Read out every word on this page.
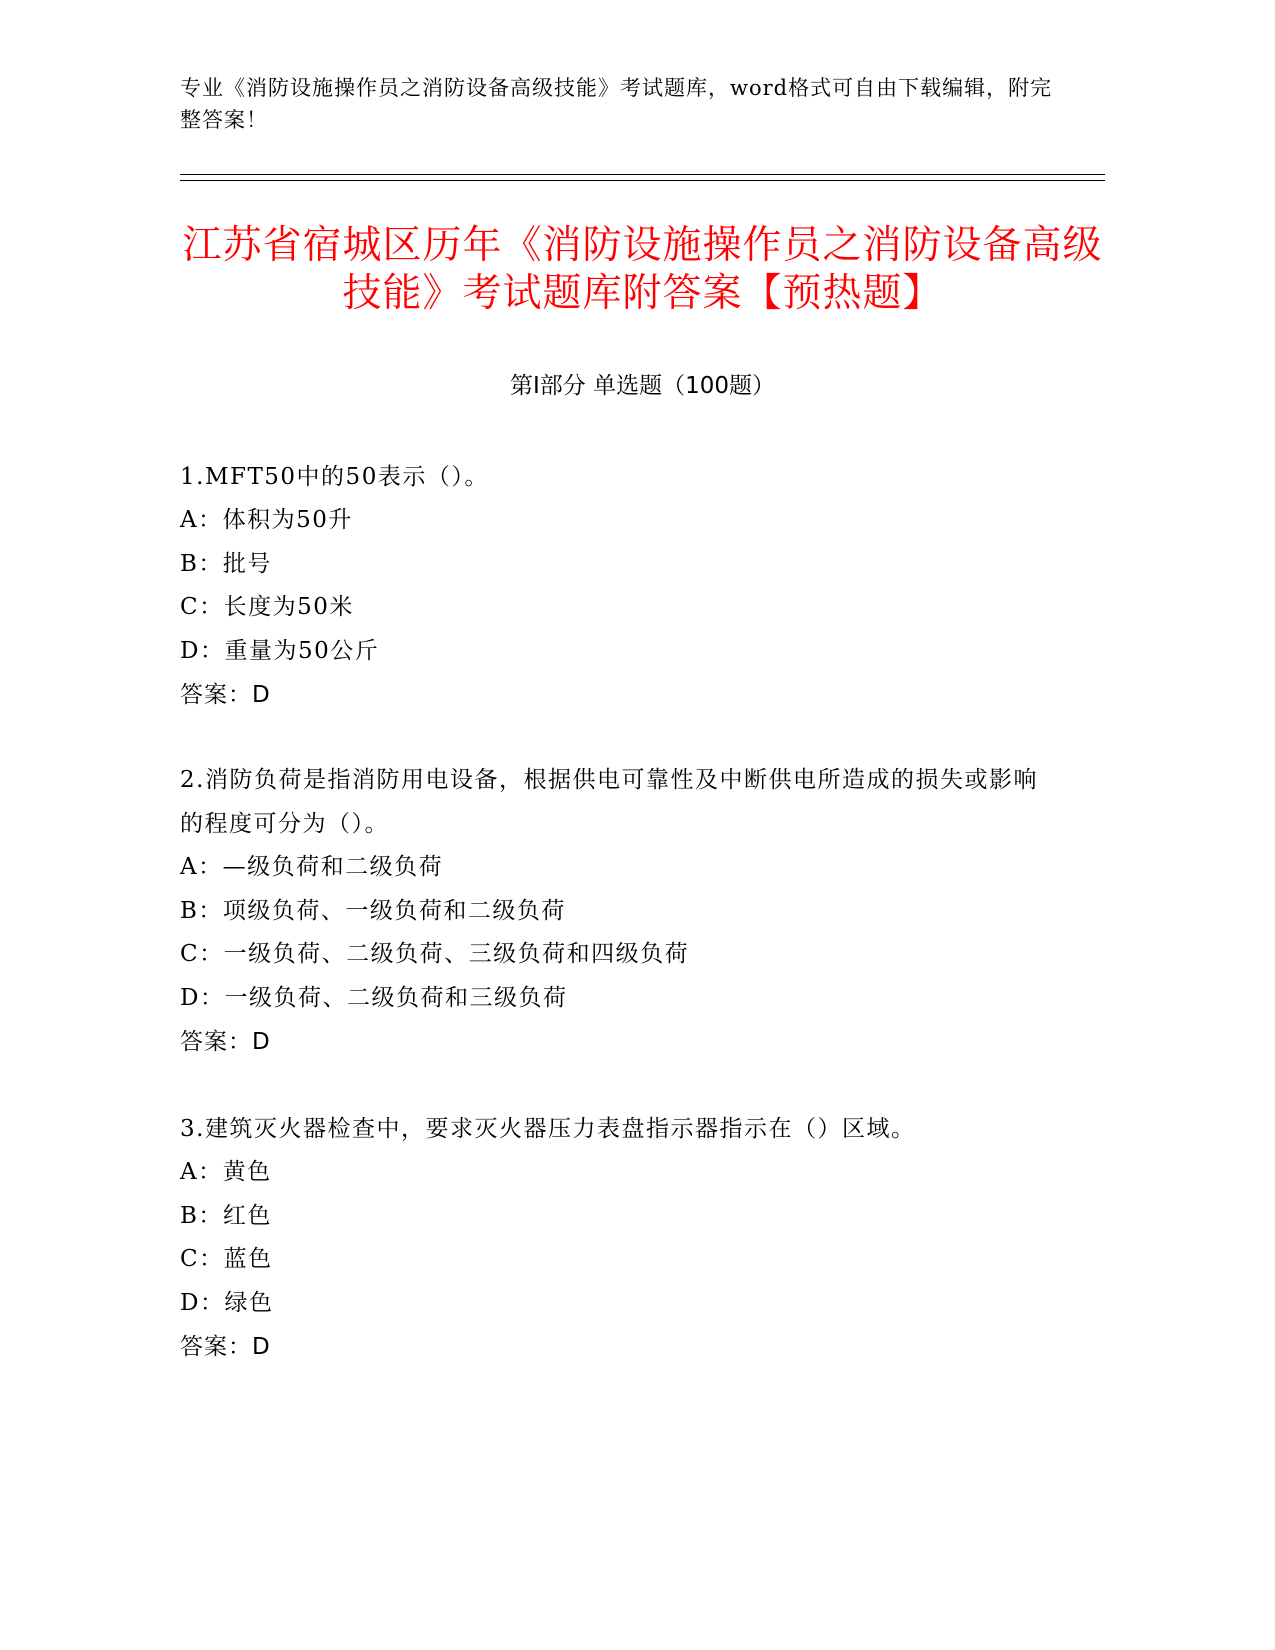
专业《消防设施操作员之消防设备高级技能》考试题库，word格式可自由下载编辑，附完整答案！
江苏省宿城区历年《消防设施操作员之消防设备高级技能》考试题库附答案【预热题】
第Ⅰ部分 单选题（100题）
1.MFT50中的50表示（）。
A：体积为50升
B：批号
C：长度为50米
D：重量为50公斤
答案：D
2.消防负荷是指消防用电设备，根据供电可靠性及中断供电所造成的损失或影响的程度可分为（）。
A：—级负荷和二级负荷
B：项级负荷、一级负荷和二级负荷
C：一级负荷、二级负荷、三级负荷和四级负荷
D：一级负荷、二级负荷和三级负荷
答案：D
3.建筑灭火器检查中，要求灭火器压力表盘指示器指示在（）区域。
A：黄色
B：红色
C：蓝色
D：绿色
答案：D
